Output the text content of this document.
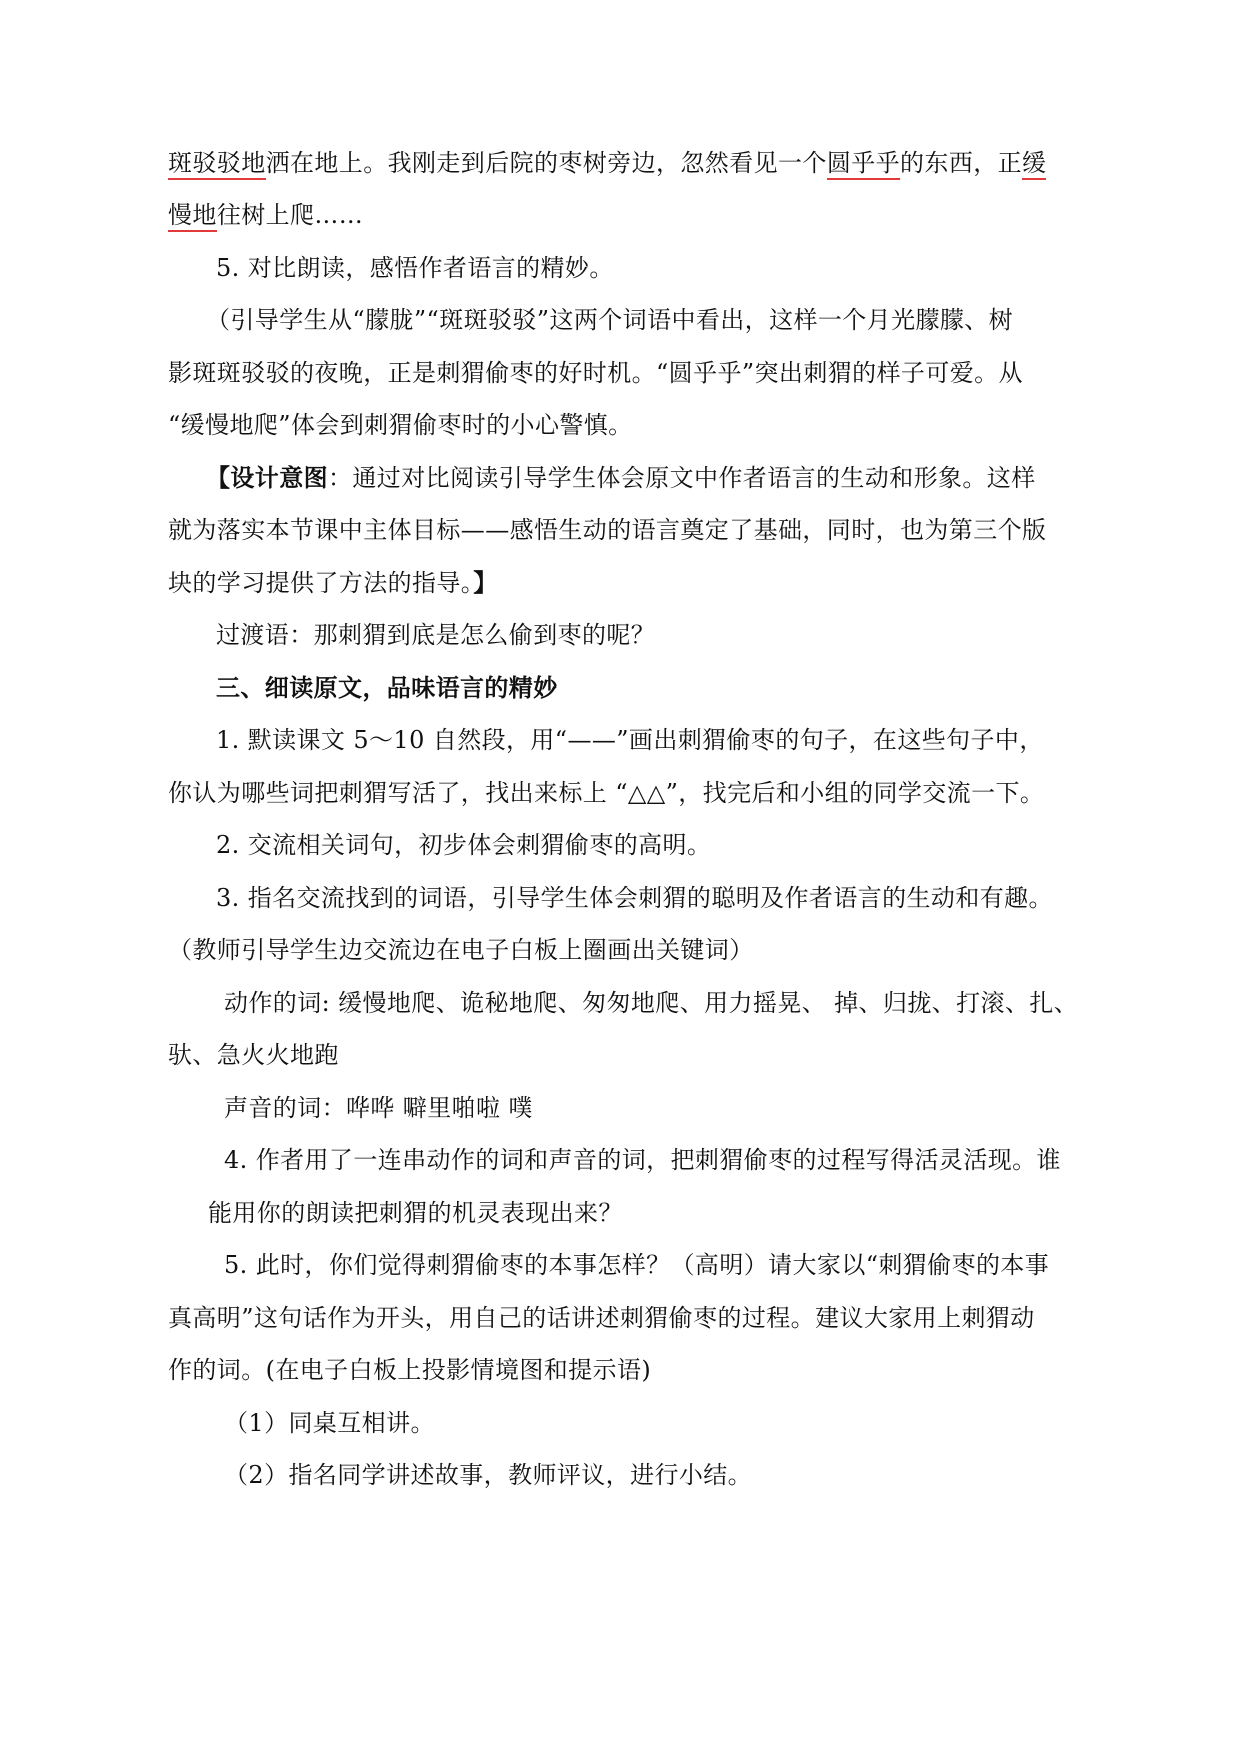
斑驳驳地洒在地上。我刚走到后院的枣树旁边，忽然看见一个圆乎乎的东西，正缓
慢地往树上爬……
5. 对比朗读，感悟作者语言的精妙。
（引导学生从“朦胧”“斑斑驳驳”这两个词语中看出，这样一个月光朦朦、树
影斑斑驳驳的夜晚，正是刺猬偷枣的好时机。“圆乎乎”突出刺猬的样子可爱。从
“缓慢地爬”体会到刺猬偷枣时的小心警慎。
【设计意图：通过对比阅读引导学生体会原文中作者语言的生动和形象。这样
就为落实本节课中主体目标——感悟生动的语言奠定了基础，同时，也为第三个版
块的学习提供了方法的指导。】
过渡语：那刺猬到底是怎么偷到枣的呢？
三、细读原文，品味语言的精妙
1. 默读课文 5～10 自然段，用“——”画出刺猬偷枣的句子，在这些句子中，
你认为哪些词把刺猬写活了，找出来标上 “△△”，找完后和小组的同学交流一下。
2. 交流相关词句，初步体会刺猬偷枣的高明。
3. 指名交流找到的词语，引导学生体会刺猬的聪明及作者语言的生动和有趣。
（教师引导学生边交流边在电子白板上圈画出关键词）
动作的词: 缓慢地爬、诡秘地爬、匆匆地爬、用力摇晃、 掉、归拢、打滚、扎、
驮、急火火地跑
声音的词：哗哗 噼里啪啦 噗
4. 作者用了一连串动作的词和声音的词，把刺猬偷枣的过程写得活灵活现。谁
能用你的朗读把刺猬的机灵表现出来？
5. 此时，你们觉得刺猬偷枣的本事怎样？（高明）请大家以“刺猬偷枣的本事
真高明”这句话作为开头，用自己的话讲述刺猬偷枣的过程。建议大家用上刺猬动
作的词。(在电子白板上投影情境图和提示语)
（1）同桌互相讲。
（2）指名同学讲述故事，教师评议，进行小结。
